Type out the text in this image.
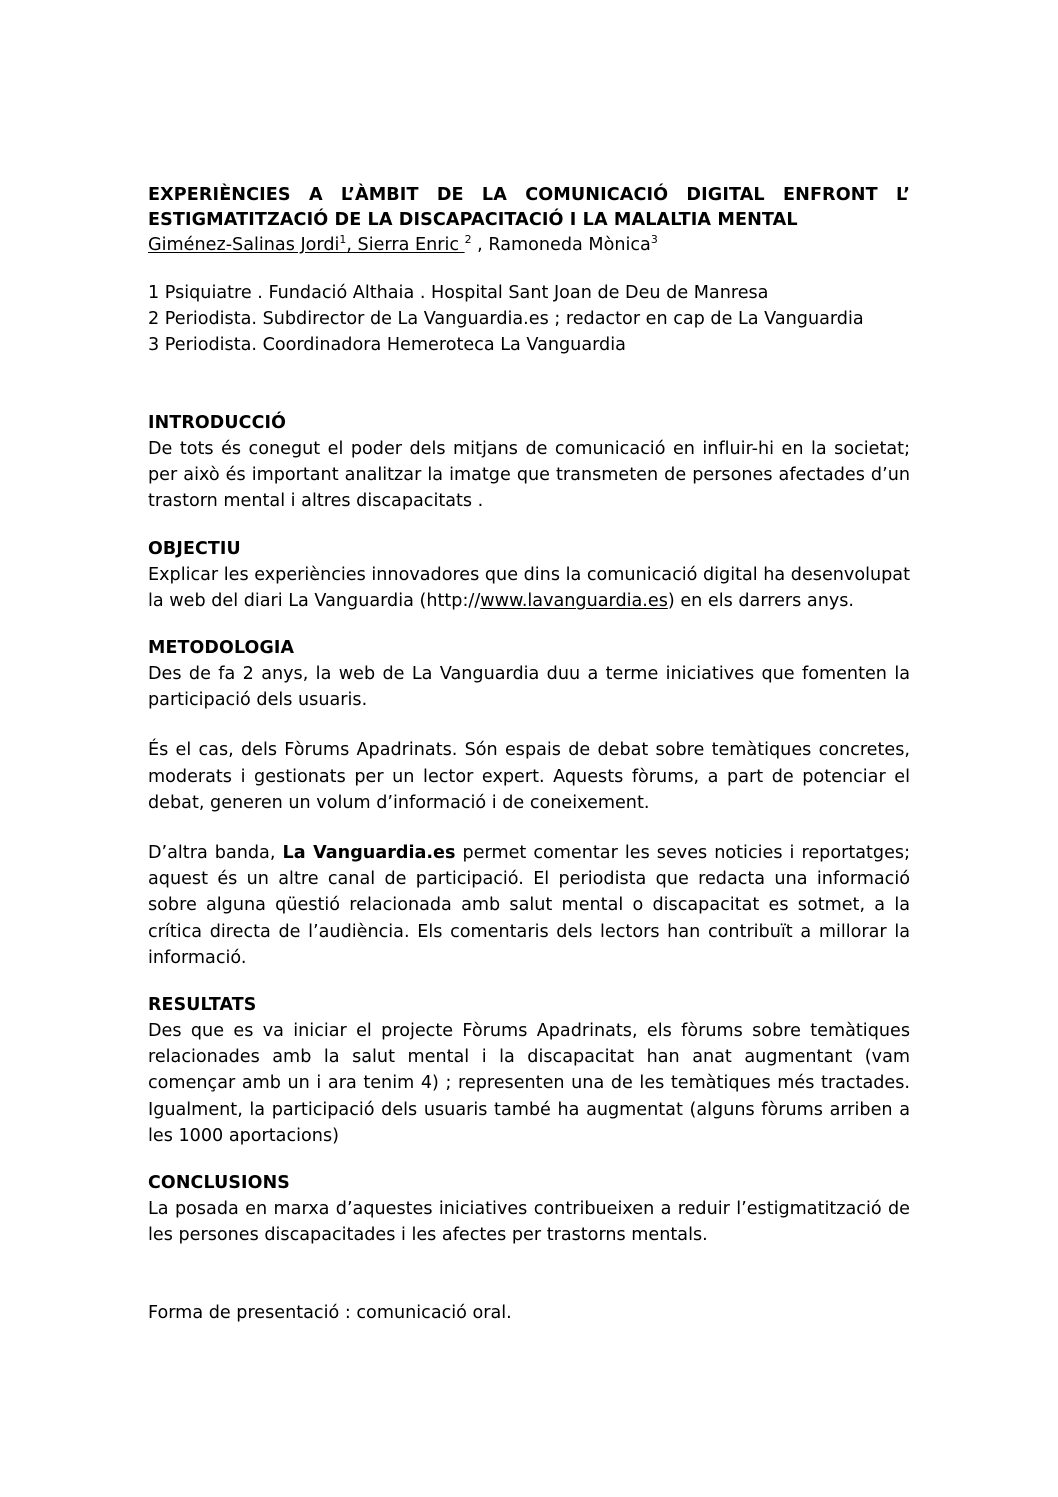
EXPERIÈNCIES A L’ÀMBIT DE LA COMUNICACIÓ DIGITAL ENFRONT L’
ESTIGMATITZACIÓ DE LA DISCAPACITACIÓ I LA MALALTIA MENTAL

Giménez-Salinas Jordi$^1$, Sierra Enric $^2$ , Ramoneda Mònica$^3$

1 Psiquiatre . Fundació Althaia . Hospital Sant Joan de Deu de Manresa
2 Periodista. Subdirector de La Vanguardia.es ; redactor en cap de La Vanguardia
3 Periodista. Coordinadora Hemeroteca La Vanguardia
INTRODUCCIÓ

De tots és conegut el poder dels mitjans de comunicació en influir-hi en la societat; per això és important analitzar la imatge que transmeten de persones afectades d’un trastorn mental i altres discapacitats .

OBJECTIU

Explicar les experiències innovadores que dins la comunicació digital ha desenvolupat la web del diari La Vanguardia (http://www.lavanguardia.es) en els darrers anys.

METODOLOGIA

Des de fa 2 anys, la web de La Vanguardia duu a terme iniciatives que fomenten la participació dels usuaris.

És el cas, dels Fòrums Apadrinats. Són espais de debat sobre temàtiques concretes, moderats i gestionats per un lector expert. Aquests fòrums, a part de potenciar el debat, generen un volum d’informació i de coneixement.

D’altra banda, La Vanguardia.es permet comentar les seves noticies i reportatges; aquest és un altre canal de participació. El periodista que redacta una informació sobre alguna qüestió relacionada amb salut mental o discapacitat es sotmet, a la crítica directa de l’audiència. Els comentaris dels lectors han contribuït a millorar la informació.

RESULTATS

Des que es va iniciar el projecte Fòrums Apadrinats, els fòrums sobre temàtiques relacionades amb la salut mental i la discapacitat han anat augmentant (vam començar amb un i ara tenim 4) ; representen una de les temàtiques més tractades. Igualment, la participació dels usuaris també ha augmentat (alguns fòrums arriben a les 1000 aportacions)

CONCLUSIONS

La posada en marxa d’aquestes iniciatives contribueixen a reduir l’estigmatització de les persones discapacitades i les afectes per trastorns mentals.

Forma de presentació : comunicació oral.
